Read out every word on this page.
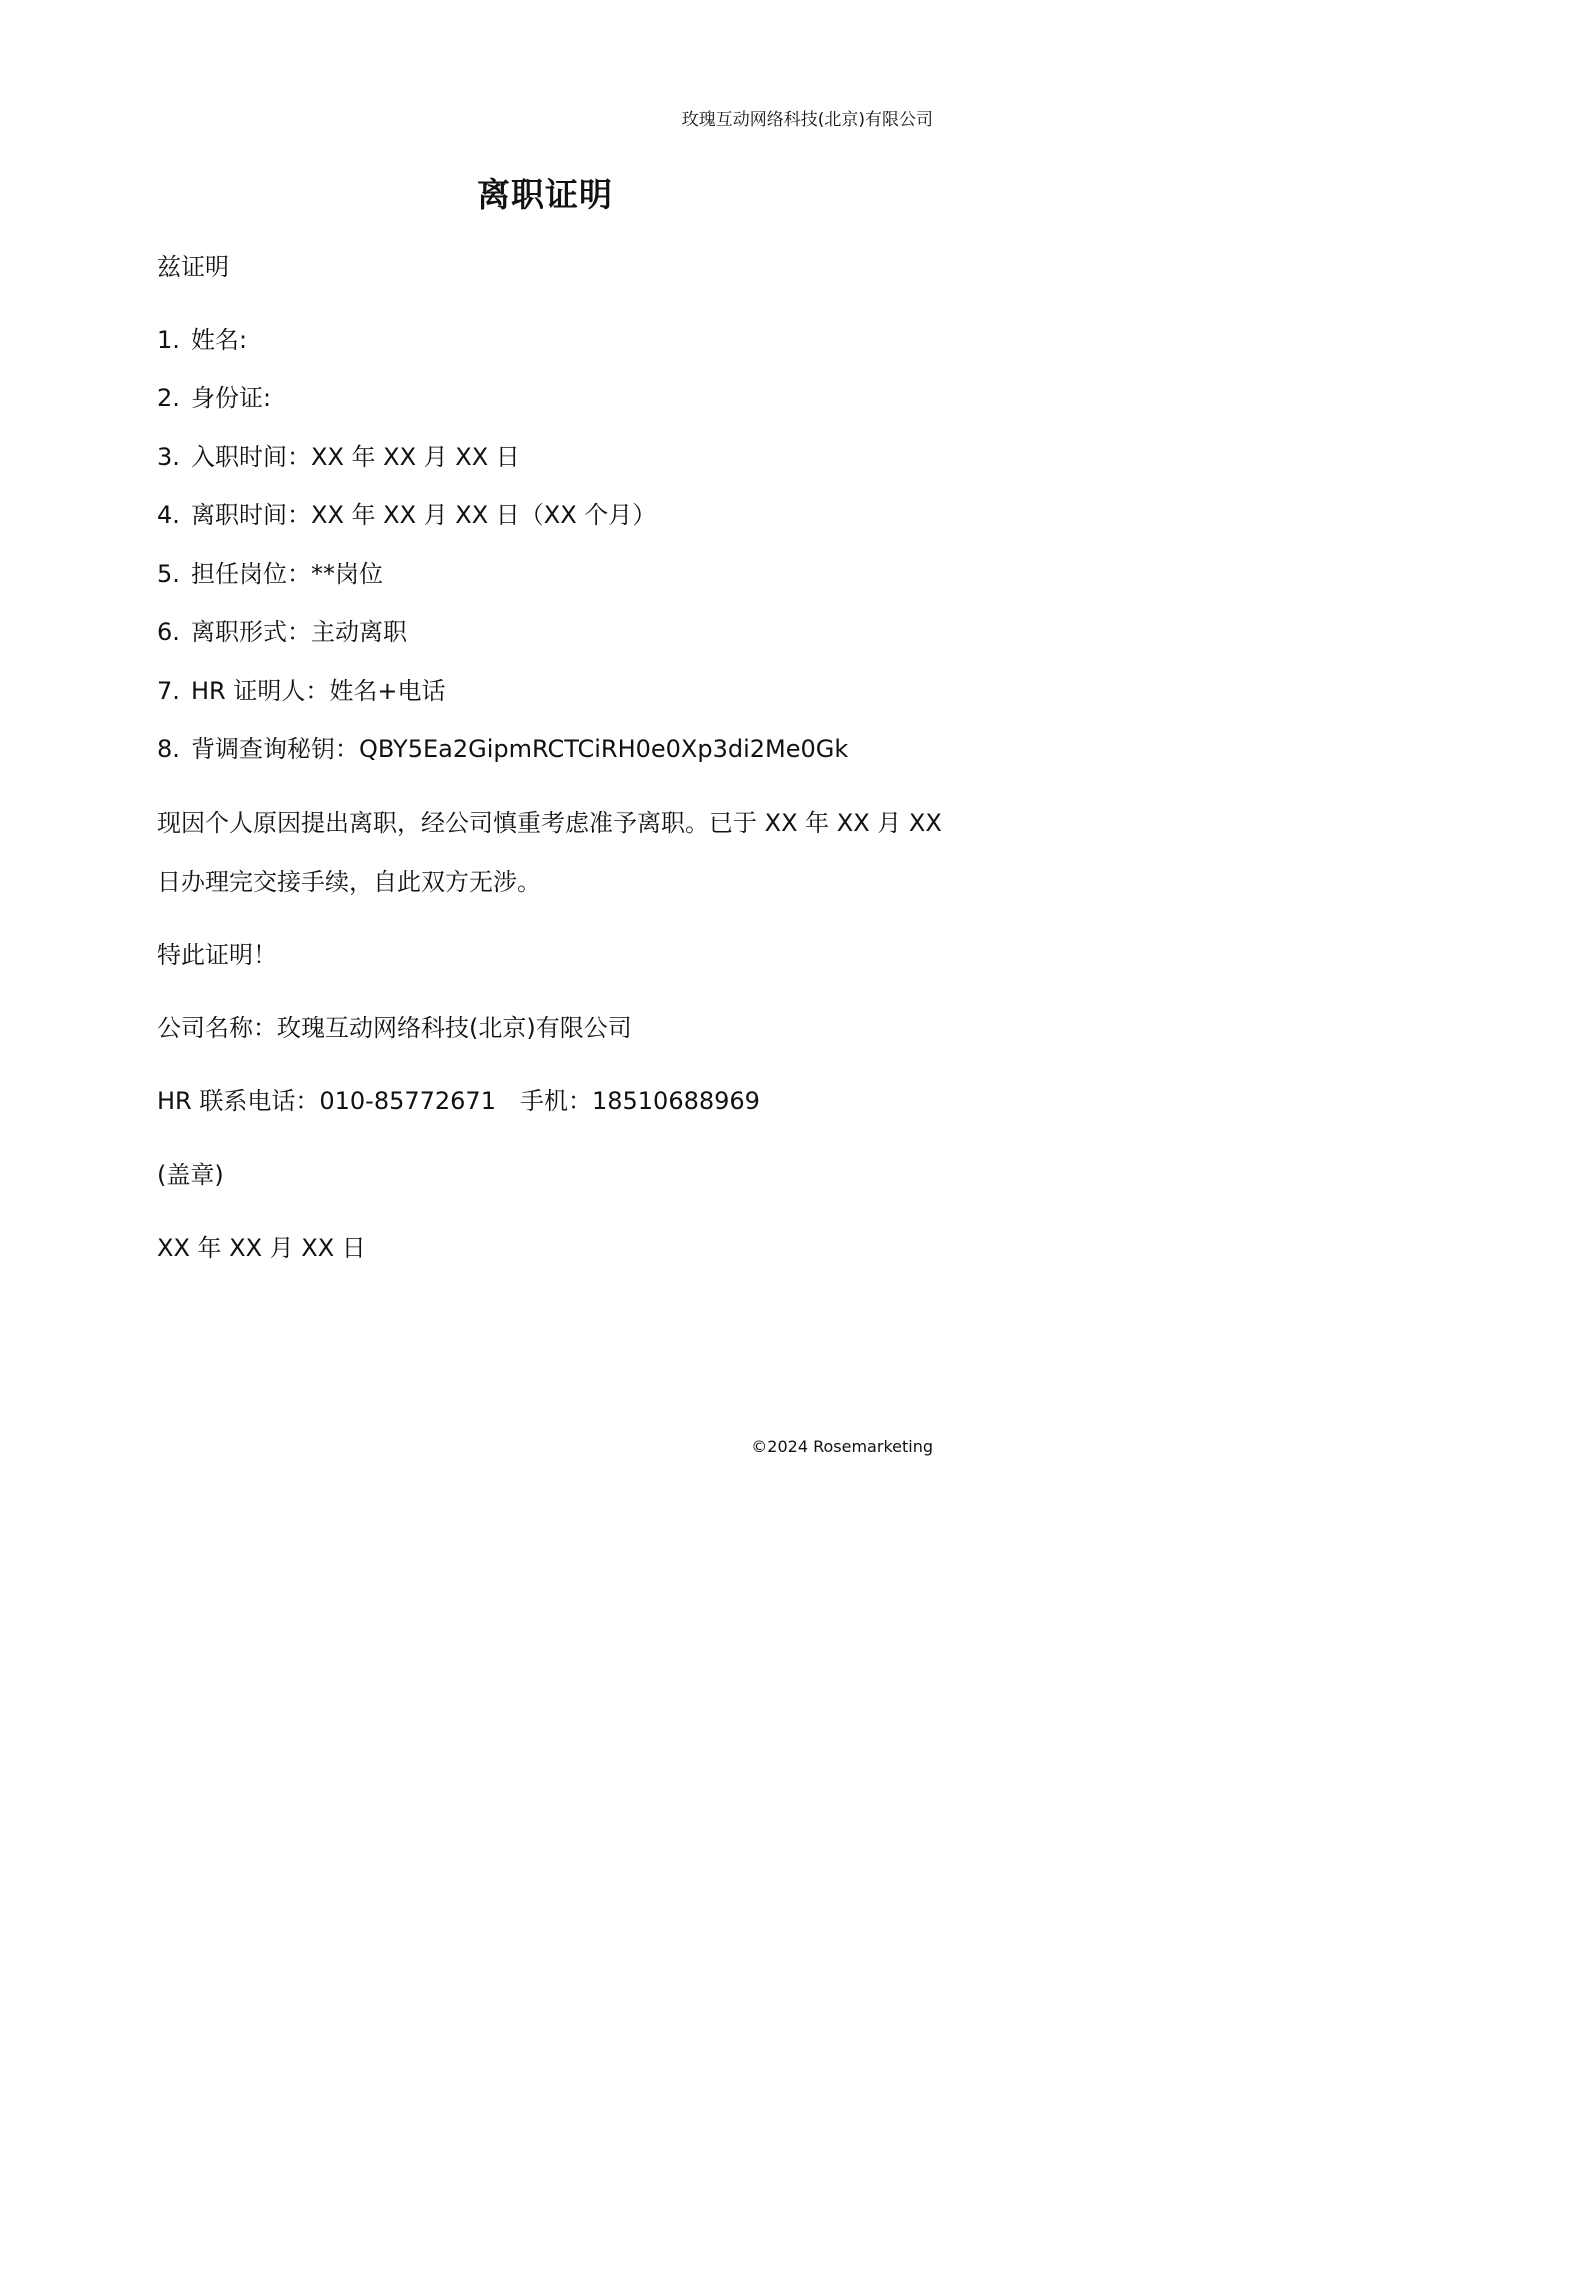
玫瑰互动网络科技(北京)有限公司
离职证明
兹证明
1. 姓名:
2. 身份证:
3. 入职时间：XX 年 XX 月 XX 日
4. 离职时间：XX 年 XX 月 XX 日（XX 个月）
5. 担任岗位：**岗位
6. 离职形式：主动离职
7. HR 证明人：姓名+电话
8. 背调查询秘钥：QBY5Ea2GipmRCTCiRH0e0Xp3di2Me0Gk
现因个人原因提出离职，经公司慎重考虑准予离职。已于 XX 年 XX 月 XX
日办理完交接手续，自此双方无涉。
特此证明！
公司名称：玫瑰互动网络科技(北京)有限公司
HR 联系电话：010-85772671 手机：18510688969
(盖章)
XX 年 XX 月 XX 日
©2024 Rosemarketing
